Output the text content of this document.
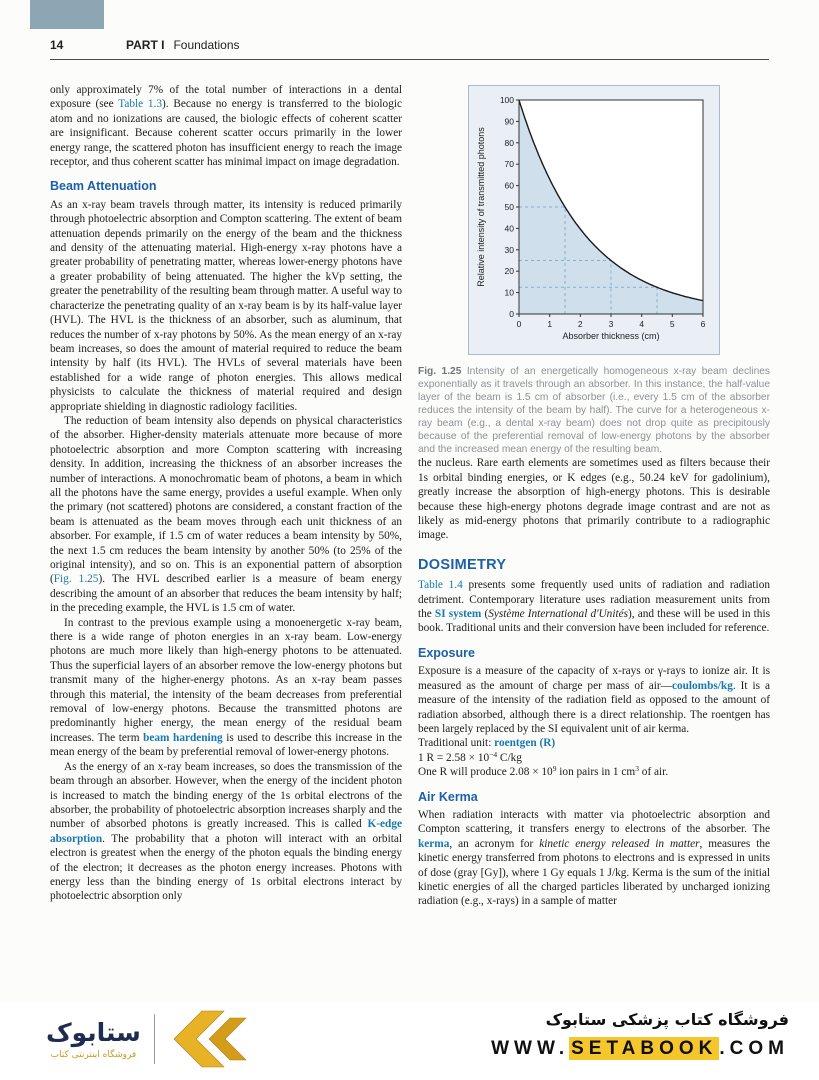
14	PART I Foundations

only approximately 7% of the total number of interactions in a dental exposure (see Table 1.3). Because no energy is transferred to the biologic atom and no ionizations are caused, the biologic effects of coherent scatter are insignificant. Because coherent scatter occurs primarily in the lower energy range, the scattered photon has insufficient energy to reach the image receptor, and thus coherent scatter has minimal impact on image degradation.

Beam Attenuation

As an x-ray beam travels through matter, its intensity is reduced primarily through photoelectric absorption and Compton scattering. The extent of beam attenuation depends primarily on the energy of the beam and the thickness and density of the attenuating material. High-energy x-ray photons have a greater probability of penetrating matter, whereas lower-energy photons have a greater probability of being attenuated. The higher the kVp setting, the greater the penetrability of the resulting beam through matter. A useful way to characterize the penetrating quality of an x-ray beam is by its half-value layer (HVL). The HVL is the thickness of an absorber, such as aluminum, that reduces the number of x-ray photons by 50%. As the mean energy of an x-ray beam increases, so does the amount of material required to reduce the beam intensity by half (its HVL). The HVLs of several materials have been established for a wide range of photon energies. This allows medical physicists to calculate the thickness of material required and design appropriate shielding in diagnostic radiology facilities.

The reduction of beam intensity also depends on physical characteristics of the absorber. Higher-density materials attenuate more because of more photoelectric absorption and more Compton scattering with increasing density. In addition, increasing the thickness of an absorber increases the number of interactions. A monochromatic beam of photons, a beam in which all the photons have the same energy, provides a useful example. When only the primary (not scattered) photons are considered, a constant fraction of the beam is attenuated as the beam moves through each unit thickness of an absorber. For example, if 1.5 cm of water reduces a beam intensity by 50%, the next 1.5 cm reduces the beam intensity by another 50% (to 25% of the original intensity), and so on. This is an exponential pattern of absorption (Fig. 1.25). The HVL described earlier is a measure of beam energy describing the amount of an absorber that reduces the beam intensity by half; in the preceding example, the HVL is 1.5 cm of water.

In contrast to the previous example using a monoenergetic x-ray beam, there is a wide range of photon energies in an x-ray beam. Low-energy photons are much more likely than high-energy photons to be attenuated. Thus the superficial layers of an absorber remove the low-energy photons but transmit many of the higher-energy photons. As an x-ray beam passes through this material, the intensity of the beam decreases from preferential removal of low-energy photons. Because the transmitted photons are predominantly higher energy, the mean energy of the residual beam increases. The term beam hardening is used to describe this increase in the mean energy of the beam by preferential removal of lower-energy photons.

As the energy of an x-ray beam increases, so does the transmission of the beam through an absorber. However, when the energy of the incident photon is increased to match the binding energy of the 1s orbital electrons of the absorber, the probability of photoelectric absorption increases sharply and the number of absorbed photons is greatly increased. This is called K-edge absorption. The probability that a photon will interact with an orbital electron is greatest when the energy of the photon equals the binding energy of the electron; it decreases as the photon energy increases. Photons with energy less than the binding energy of 1s orbital electrons interact by photoelectric absorption only

0
10
20
30
40
50
60
70
80
90
100
0	1	2	3	4	5	6
Absorber thickness (cm)
Relative intensity of transmitted photons

Fig. 1.25 Intensity of an energetically homogeneous x-ray beam declines exponentially as it travels through an absorber. In this instance, the half-value layer of the beam is 1.5 cm of absorber (i.e., every 1.5 cm of the absorber reduces the intensity of the beam by half). The curve for a heterogeneous x-ray beam (e.g., a dental x-ray beam) does not drop quite as precipitously because of the preferential removal of low-energy photons by the absorber and the increased mean energy of the resulting beam.

the nucleus. Rare earth elements are sometimes used as filters because their 1s orbital binding energies, or K edges (e.g., 50.24 keV for gadolinium), greatly increase the absorption of high-energy photons. This is desirable because these high-energy photons degrade image contrast and are not as likely as mid-energy photons that primarily contribute to a radiographic image.

DOSIMETRY

Table 1.4 presents some frequently used units of radiation and radiation detriment. Contemporary literature uses radiation measurement units from the SI system (Système International d'Unités), and these will be used in this book. Traditional units and their conversion have been included for reference.

Exposure

Exposure is a measure of the capacity of x-rays or γ-rays to ionize air. It is measured as the amount of charge per mass of air—coulombs/kg. It is a measure of the intensity of the radiation field as opposed to the amount of radiation absorbed, although there is a direct relationship. The roentgen has been largely replaced by the SI equivalent unit of air kerma.

Traditional unit: roentgen (R)

1 $R = 2.58 \times 10^{-4}$ C/kg

One R will produce $2.08 \times 10^9$ ion pairs in 1 $cm^3$ of air.

Air Kerma

When radiation interacts with matter via photoelectric absorption and Compton scattering, it transfers energy to electrons of the absorber. The kerma, an acronym for kinetic energy released in matter, measures the kinetic energy transferred from photons to electrons and is expressed in units of dose (gray [Gy]), where 1 Gy equals 1 J/kg. Kerma is the sum of the initial kinetic energies of all the charged particles liberated by uncharged ionizing radiation (e.g., x-rays) in a sample of matter

ستابوک
فروشگاه اینترنتی کتاب
فروشگاه کتاب پزشکی ستابوک
WWW. SETABOOK .COM
